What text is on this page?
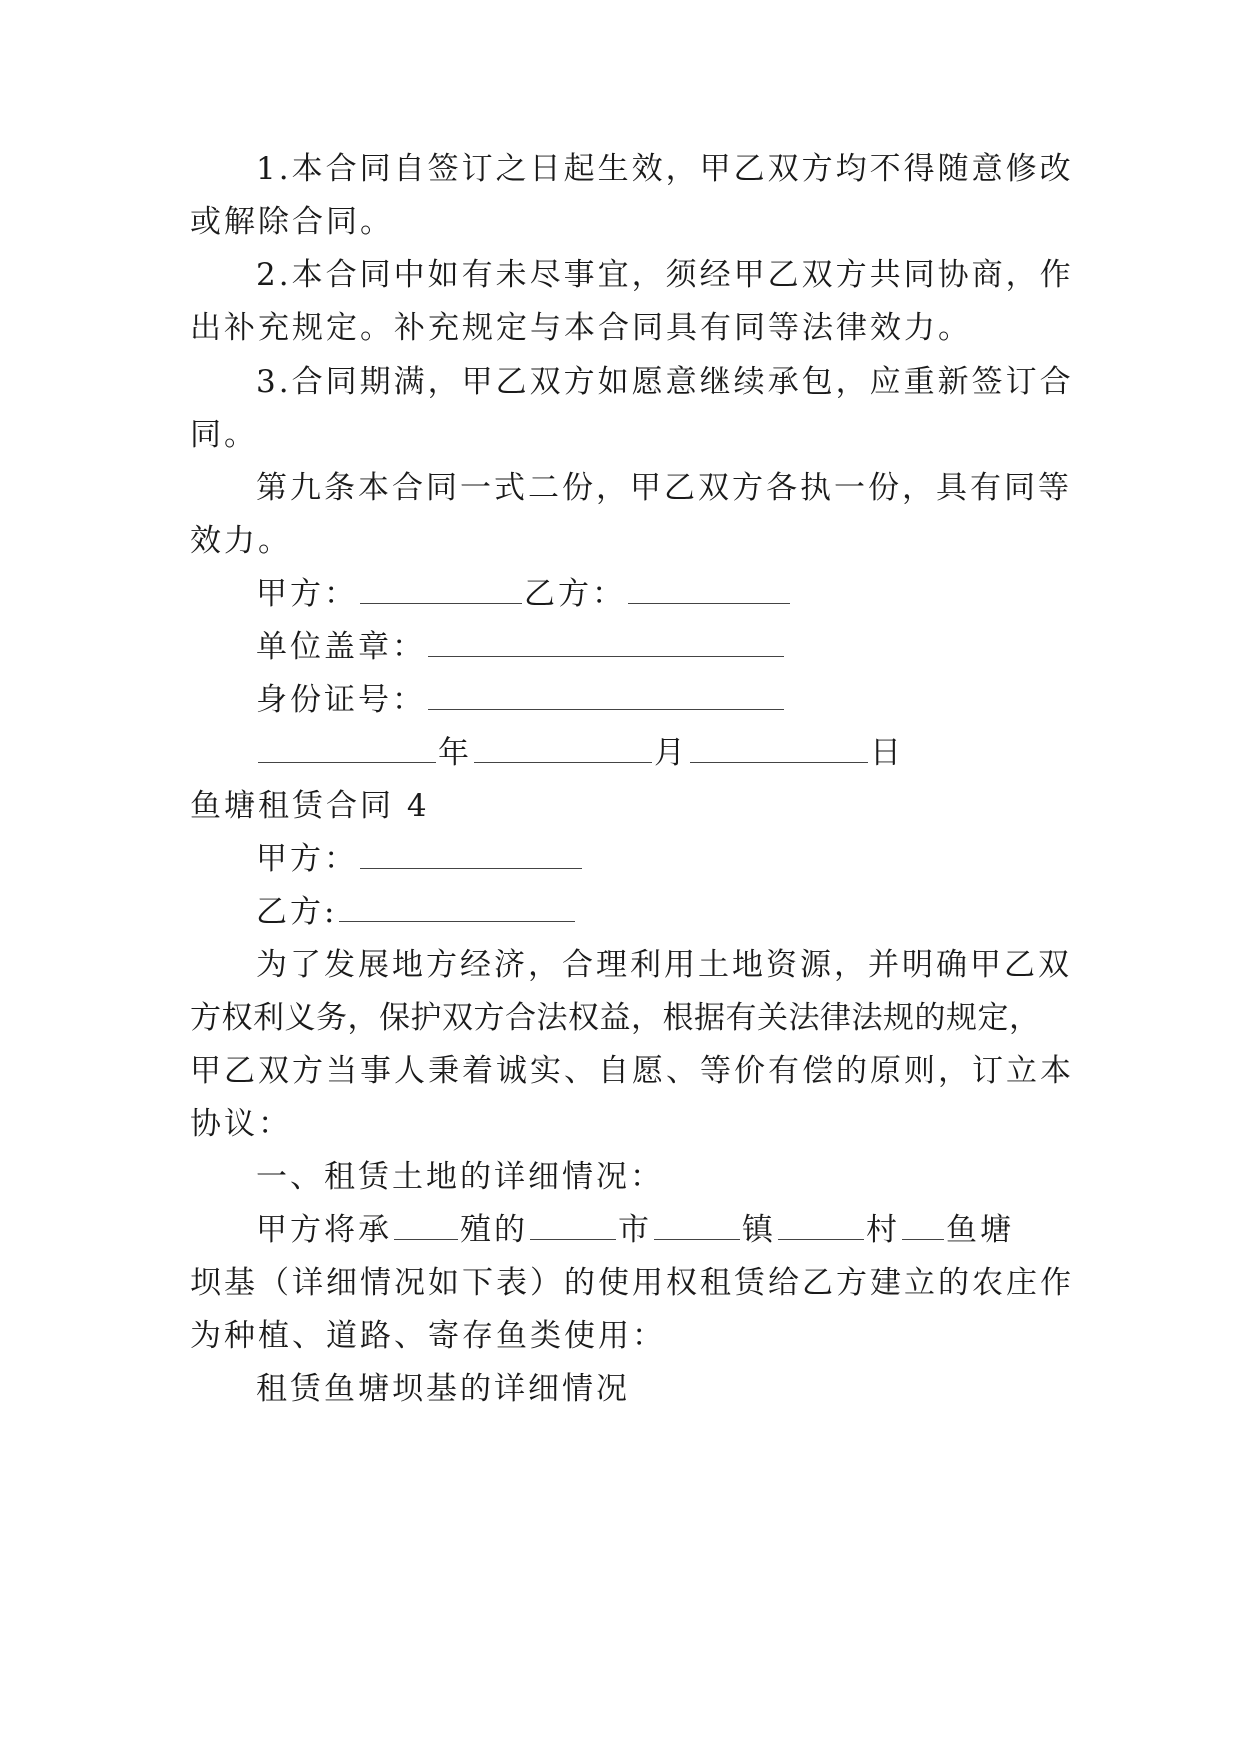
1.本合同自签订之日起生效，甲乙双方均不得随意修改
或解除合同。
2.本合同中如有未尽事宜，须经甲乙双方共同协商，作
出补充规定。补充规定与本合同具有同等法律效力。
3.合同期满，甲乙双方如愿意继续承包，应重新签订合
同。
第九条本合同一式二份，甲乙双方各执一份，具有同等
效力。
甲方：	乙方：
单位盖章：
身份证号：
年	月	日
鱼塘租赁合同 4
甲方：
乙方:
为了发展地方经济，合理利用土地资源，并明确甲乙双
方权利义务，保护双方合法权益，根据有关法律法规的规定，
甲乙双方当事人秉着诚实、自愿、等价有偿的原则，订立本
协议：
一、租赁土地的详细情况：
甲方将承 殖的	市	镇	村 鱼塘
坝基（详细情况如下表）的使用权租赁给乙方建立的农庄作
为种植、道路、寄存鱼类使用：
租赁鱼塘坝基的详细情况
